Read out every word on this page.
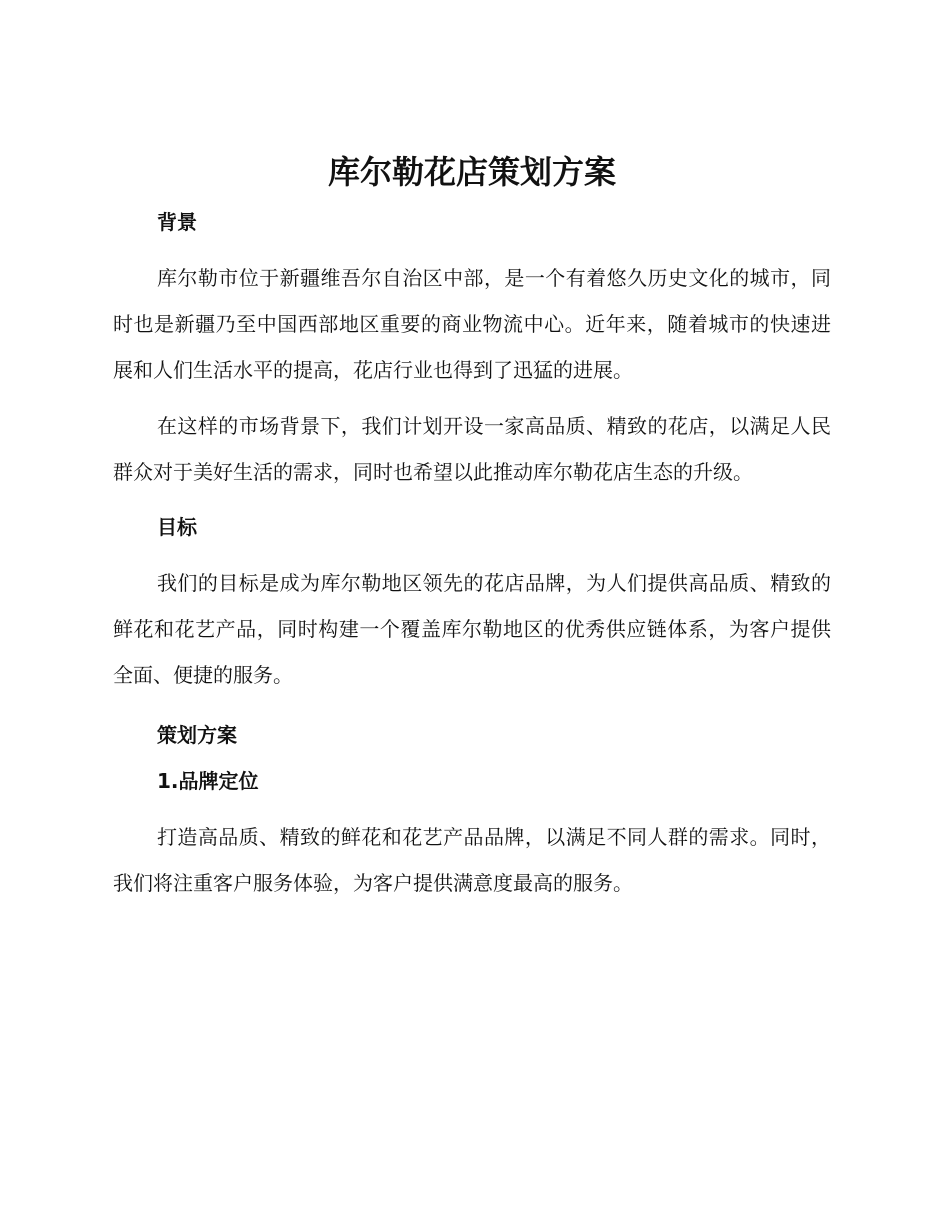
库尔勒花店策划方案
背景

库尔勒市位于新疆维吾尔自治区中部，是一个有着悠久历史文化的城市，同时也是新疆乃至中国西部地区重要的商业物流中心。近年来，随着城市的快速进展和人们生活水平的提高，花店行业也得到了迅猛的进展。

在这样的市场背景下，我们计划开设一家高品质、精致的花店，以满足人民群众对于美好生活的需求，同时也希望以此推动库尔勒花店生态的升级。

目标

我们的目标是成为库尔勒地区领先的花店品牌，为人们提供高品质、精致的鲜花和花艺产品，同时构建一个覆盖库尔勒地区的优秀供应链体系，为客户提供全面、便捷的服务。

策划方案
1.品牌定位

打造高品质、精致的鲜花和花艺产品品牌，以满足不同人群的需求。同时，我们将注重客户服务体验，为客户提供满意度最高的服务。
